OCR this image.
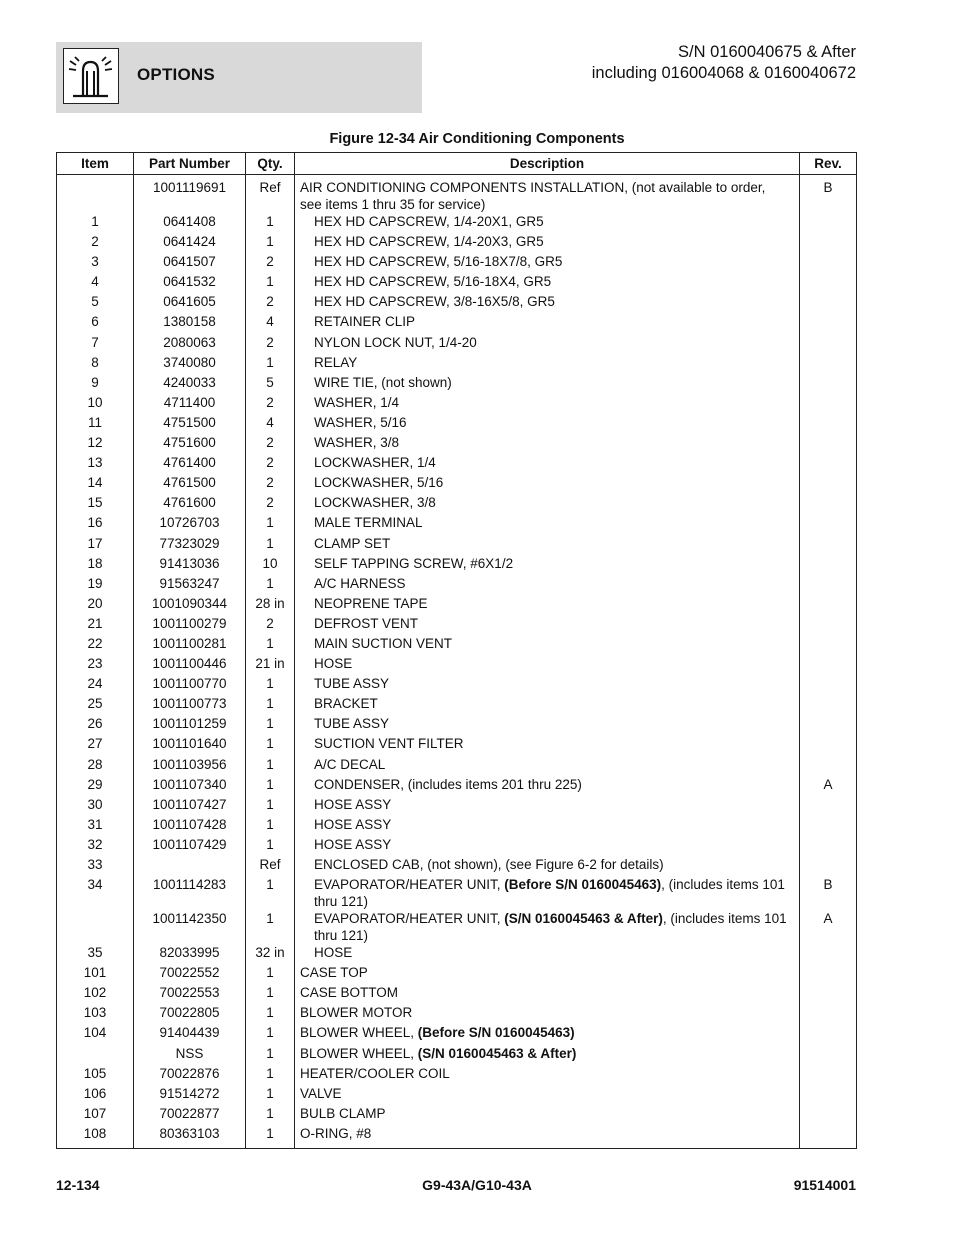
OPTIONS
S/N 0160040675 & After
including 016004068 & 0160040672
Figure 12-34 Air Conditioning Components
Item	Part Number	Qty.	Description	Rev.
	1001119691	Ref	AIR CONDITIONING COMPONENTS INSTALLATION, (not available to order, see items 1 thru 35 for service)	B
1	0641408	1	HEX HD CAPSCREW, 1/4-20X1, GR5	
2	0641424	1	HEX HD CAPSCREW, 1/4-20X3, GR5	
3	0641507	2	HEX HD CAPSCREW, 5/16-18X7/8, GR5	
4	0641532	1	HEX HD CAPSCREW, 5/16-18X4, GR5	
5	0641605	2	HEX HD CAPSCREW, 3/8-16X5/8, GR5	
6	1380158	4	RETAINER CLIP	
7	2080063	2	NYLON LOCK NUT, 1/4-20	
8	3740080	1	RELAY	
9	4240033	5	WIRE TIE, (not shown)	
10	4711400	2	WASHER, 1/4	
11	4751500	4	WASHER, 5/16	
12	4751600	2	WASHER, 3/8	
13	4761400	2	LOCKWASHER, 1/4	
14	4761500	2	LOCKWASHER, 5/16	
15	4761600	2	LOCKWASHER, 3/8	
16	10726703	1	MALE TERMINAL	
17	77323029	1	CLAMP SET	
18	91413036	10	SELF TAPPING SCREW, #6X1/2	
19	91563247	1	A/C HARNESS	
20	1001090344	28 in	NEOPRENE TAPE	
21	1001100279	2	DEFROST VENT	
22	1001100281	1	MAIN SUCTION VENT	
23	1001100446	21 in	HOSE	
24	1001100770	1	TUBE ASSY	
25	1001100773	1	BRACKET	
26	1001101259	1	TUBE ASSY	
27	1001101640	1	SUCTION VENT FILTER	
28	1001103956	1	A/C DECAL	
29	1001107340	1	CONDENSER, (includes items 201 thru 225)	A
30	1001107427	1	HOSE ASSY	
31	1001107428	1	HOSE ASSY	
32	1001107429	1	HOSE ASSY	
33		Ref	ENCLOSED CAB, (not shown), (see Figure 6-2 for details)	
34	1001114283	1	EVAPORATOR/HEATER UNIT, (Before S/N 0160045463), (includes items 101 thru 121)	B
	1001142350	1	EVAPORATOR/HEATER UNIT, (S/N 0160045463 & After), (includes items 101 thru 121)	A
35	82033995	32 in	HOSE	
101	70022552	1	CASE TOP	
102	70022553	1	CASE BOTTOM	
103	70022805	1	BLOWER MOTOR	
104	91404439	1	BLOWER WHEEL, (Before S/N 0160045463)	
	NSS	1	BLOWER WHEEL, (S/N 0160045463 & After)	
105	70022876	1	HEATER/COOLER COIL	
106	91514272	1	VALVE	
107	70022877	1	BULB CLAMP	
108	80363103	1	O-RING, #8	
12-134	G9-43A/G10-43A	91514001
